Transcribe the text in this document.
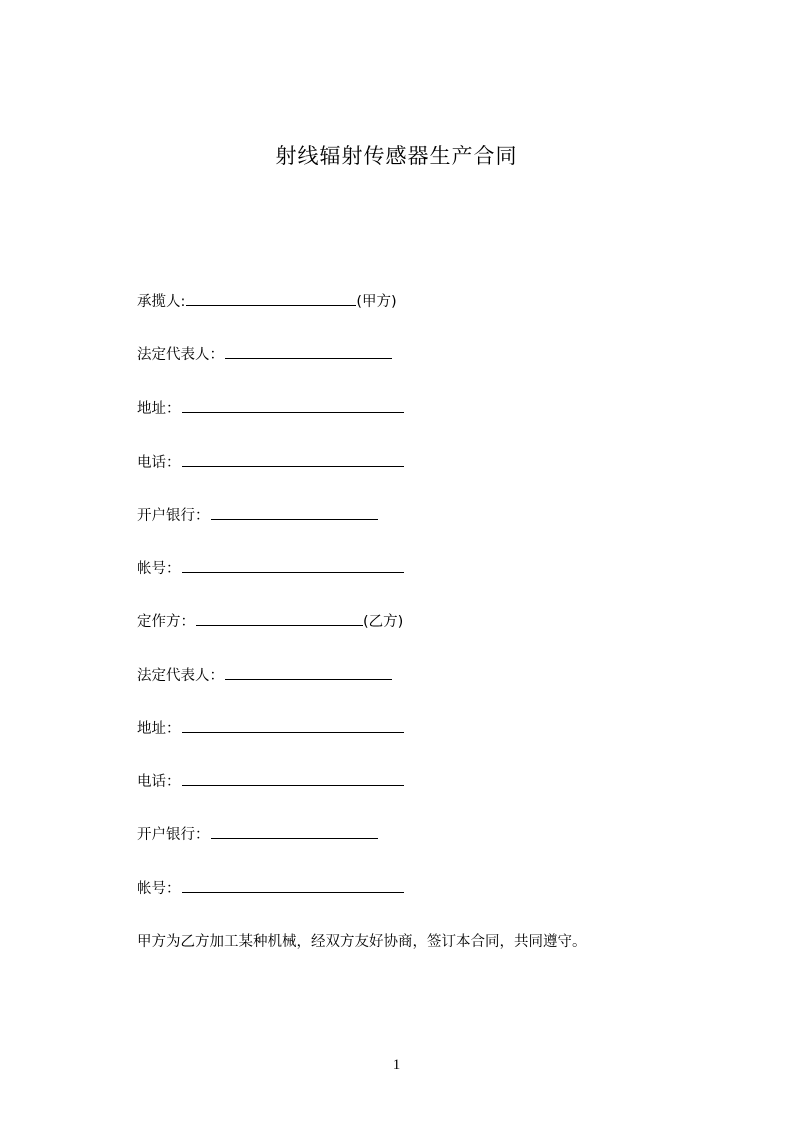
射线辐射传感器生产合同
承揽人:	(甲方)
法定代表人：
地址：
电话：
开户银行：
帐号：
定作方：	(乙方)
法定代表人：
地址：
电话：
开户银行：
帐号：
甲方为乙方加工某种机械，经双方友好协商，签订本合同，共同遵守。
1
